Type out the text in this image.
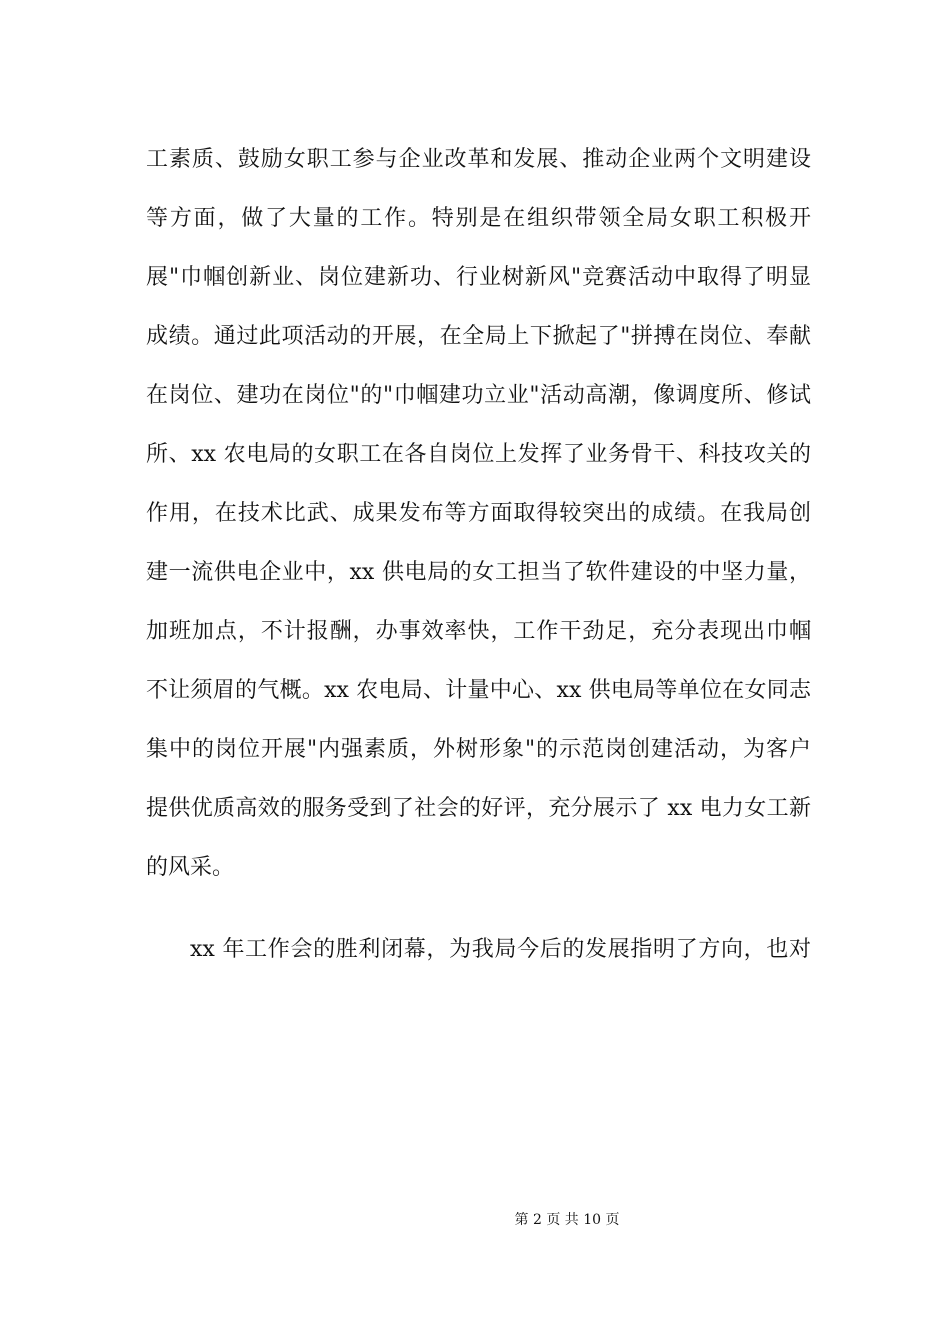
工素质、鼓励女职工参与企业改革和发展、推动企业两个文明建设
等方面，做了大量的工作。特别是在组织带领全局女职工积极开
展"巾帼创新业、岗位建新功、行业树新风"竞赛活动中取得了明显
成绩。通过此项活动的开展，在全局上下掀起了"拼搏在岗位、奉献
在岗位、建功在岗位"的"巾帼建功立业"活动高潮，像调度所、修试
所、xx 农电局的女职工在各自岗位上发挥了业务骨干、科技攻关的
作用，在技术比武、成果发布等方面取得较突出的成绩。在我局创
建一流供电企业中，xx 供电局的女工担当了软件建设的中坚力量，
加班加点，不计报酬，办事效率快，工作干劲足，充分表现出巾帼
不让须眉的气概。xx 农电局、计量中心、xx 供电局等单位在女同志
集中的岗位开展"内强素质，外树形象"的示范岗创建活动，为客户
提供优质高效的服务受到了社会的好评，充分展示了 xx 电力女工新
的风采。
xx 年工作会的胜利闭幕，为我局今后的发展指明了方向，也对
第 2 页 共 10 页
